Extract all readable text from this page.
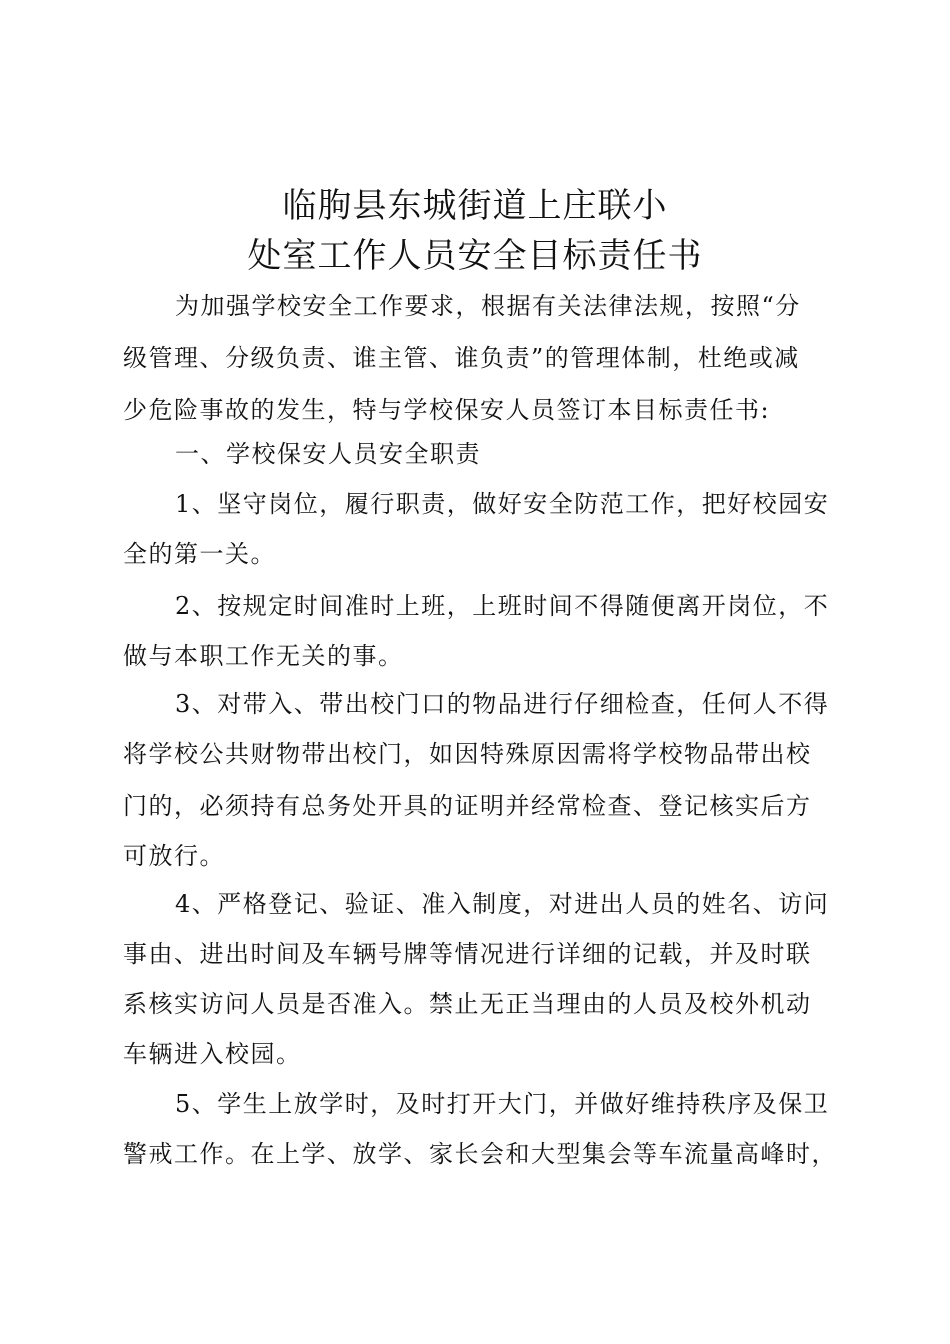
临朐县东城街道上庄联小
处室工作人员安全目标责任书
为加强学校安全工作要求，根据有关法律法规，按照“分
级管理、分级负责、谁主管、谁负责”的管理体制，杜绝或减
少危险事故的发生，特与学校保安人员签订本目标责任书:
一、学校保安人员安全职责
1、坚守岗位，履行职责，做好安全防范工作，把好校园安
全的第一关。
2、按规定时间准时上班，上班时间不得随便离开岗位，不
做与本职工作无关的事。
3、对带入、带出校门口的物品进行仔细检查，任何人不得
将学校公共财物带出校门，如因特殊原因需将学校物品带出校
门的，必须持有总务处开具的证明并经常检查、登记核实后方
可放行。
4、严格登记、验证、准入制度，对进出人员的姓名、访问
事由、进出时间及车辆号牌等情况进行详细的记载，并及时联
系核实访问人员是否准入。禁止无正当理由的人员及校外机动
车辆进入校园。
5、学生上放学时，及时打开大门，并做好维持秩序及保卫
警戒工作。在上学、放学、家长会和大型集会等车流量高峰时，
